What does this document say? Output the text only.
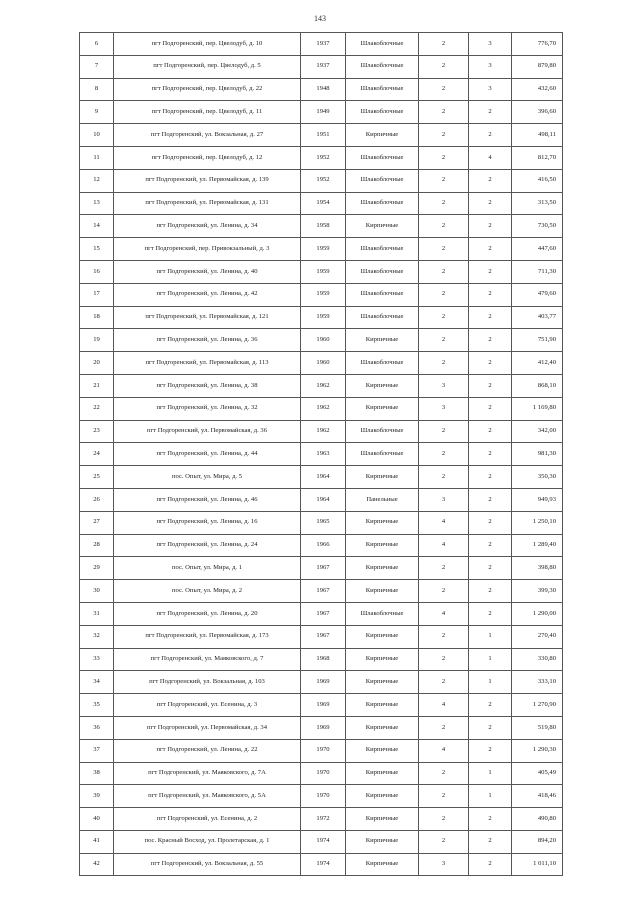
143
6	пгт Подгоренский, пер. Цвелодуб, д. 10	1937	Шлакоблочные	2	3	776,70
7	пгт Подгоренский, пер. Цвелодуб, д. 5	1937	Шлакоблочные	2	3	879,80
8	пгт Подгоренский, пер. Цвелодуб, д. 22	1948	Шлакоблочные	2	3	432,60
9	пгт Подгоренский, пер. Цвелодуб, д. 11	1949	Шлакоблочные	2	2	396,60
10	пгт Подгоренский, ул. Вокзальная, д. 27	1951	Кирпичные	2	2	498,11
11	пгт Подгоренский, пер. Цвелодуб, д. 12	1952	Шлакоблочные	2	4	812,70
12	пгт Подгоренский, ул. Первомайская, д. 139	1952	Шлакоблочные	2	2	416,50
13	пгт Подгоренский, ул. Первомайская, д. 131	1954	Шлакоблочные	2	2	313,50
14	пгт Подгоренский, ул. Ленина, д. 34	1958	Кирпичные	2	2	730,50
15	пгт Подгоренский, пер. Привокзальный, д. 3	1959	Шлакоблочные	2	2	447,60
16	пгт Подгоренский, ул. Ленина, д. 40	1959	Шлакоблочные	2	2	711,30
17	пгт Подгоренский, ул. Ленина, д. 42	1959	Шлакоблочные	2	2	479,60
18	пгт Подгоренский, ул. Первомайская, д. 121	1959	Шлакоблочные	2	2	403,77
19	пгт Подгоренский, ул. Ленина, д. 36	1960	Кирпичные	2	2	751,90
20	пгт Подгоренский, ул. Первомайская, д. 113	1960	Шлакоблочные	2	2	412,40
21	пгт Подгоренский, ул. Ленина, д. 38	1962	Кирпичные	3	2	868,10
22	пгт Подгоренский, ул. Ленина, д. 32	1962	Кирпичные	3	2	1 169,80
23	пгт Подгоренский, ул. Первомайская, д. 36	1962	Шлакоблочные	2	2	342,00
24	пгт Подгоренский, ул. Ленина, д. 44	1963	Шлакоблочные	2	2	981,30
25	пос. Опыт, ул. Мира, д. 5	1964	Кирпичные	2	2	350,30
26	пгт Подгоренский, ул. Ленина, д. 46	1964	Панельные	3	2	949,93
27	пгт Подгоренский, ул. Ленина, д. 16	1965	Кирпичные	4	2	1 250,10
28	пгт Подгоренский, ул. Ленина, д. 24	1966	Кирпичные	4	2	1 289,40
29	пос. Опыт, ул. Мира, д. 1	1967	Кирпичные	2	2	398,80
30	пос. Опыт, ул. Мира, д. 2	1967	Кирпичные	2	2	399,30
31	пгт Подгоренский, ул. Ленина, д. 20	1967	Шлакоблочные	4	2	1 290,00
32	пгт Подгоренский, ул. Первомайская, д. 173	1967	Кирпичные	2	1	270,40
33	пгт Подгоренский, ул. Маяковского, д. 7	1968	Кирпичные	2	1	330,80
34	пгт Подгоренский, ул. Вокзальная, д. 103	1969	Кирпичные	2	1	333,10
35	пгт Подгоренский, ул. Есенина, д. 3	1969	Кирпичные	4	2	1 270,90
36	пгт Подгоренский, ул. Первомайская, д. 34	1969	Кирпичные	2	2	519,80
37	пгт Подгоренский, ул. Ленина, д. 22	1970	Кирпичные	4	2	1 290,30
38	пгт Подгоренский, ул. Маяковского, д. 7А	1970	Кирпичные	2	1	405,49
39	пгт Подгоренский, ул. Маяковского, д. 5А	1970	Кирпичные	2	1	418,46
40	пгт Подгоренский, ул. Есенина, д. 2	1972	Кирпичные	2	2	490,80
41	пос. Красный Восход, ул. Пролетарская, д. 1	1974	Кирпичные	2	2	894,20
42	пгт Подгоренский, ул. Вокзальная, д. 55	1974	Кирпичные	3	2	1 011,10
